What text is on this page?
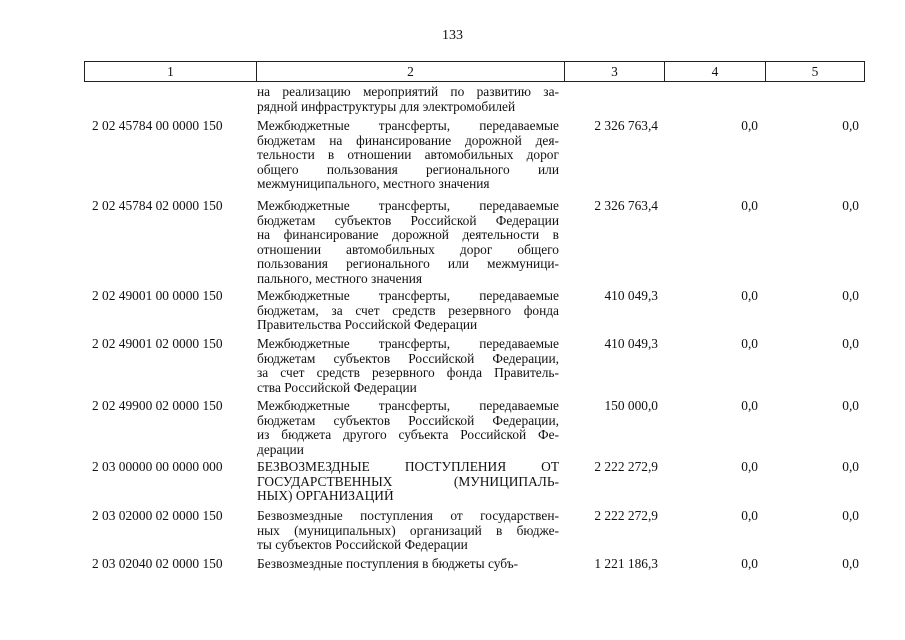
133
1	2	3	4	5
на реализацию мероприятий по развитию за-
рядной инфраструктуры для электромобилей
2 02 45784 00 0000 150	Межбюджетные трансферты, передаваемые
бюджетам на финансирование дорожной дея-
тельности в отношении автомобильных дорог
общего пользования регионального или
межмуниципального, местного значения
2 326 763,4	0,0	0,0
2 02 45784 02 0000 150	Межбюджетные трансферты, передаваемые
бюджетам субъектов Российской Федерации
на финансирование дорожной деятельности в
отношении автомобильных дорог общего
пользования регионального или межмуници-
пального, местного значения
2 326 763,4	0,0	0,0
2 02 49001 00 0000 150	Межбюджетные трансферты, передаваемые
бюджетам, за счет средств резервного фонда
Правительства Российской Федерации
410 049,3	0,0	0,0
2 02 49001 02 0000 150	Межбюджетные трансферты, передаваемые
бюджетам субъектов Российской Федерации,
за счет средств резервного фонда Правитель-
ства Российской Федерации
410 049,3	0,0	0,0
2 02 49900 02 0000 150	Межбюджетные трансферты, передаваемые
бюджетам субъектов Российской Федерации,
из бюджета другого субъекта Российской Фе-
дерации
150 000,0	0,0	0,0
2 03 00000 00 0000 000	БЕЗВОЗМЕЗДНЫЕ ПОСТУПЛЕНИЯ ОТ
ГОСУДАРСТВЕННЫХ (МУНИЦИПАЛЬ-
НЫХ) ОРГАНИЗАЦИЙ
2 222 272,9	0,0	0,0
2 03 02000 02 0000 150	Безвозмездные поступления от государствен-
ных (муниципальных) организаций в бюдже-
ты субъектов Российской Федерации
2 222 272,9	0,0	0,0
2 03 02040 02 0000 150	Безвозмездные поступления в бюджеты субъ-	1 221 186,3	0,0	0,0
